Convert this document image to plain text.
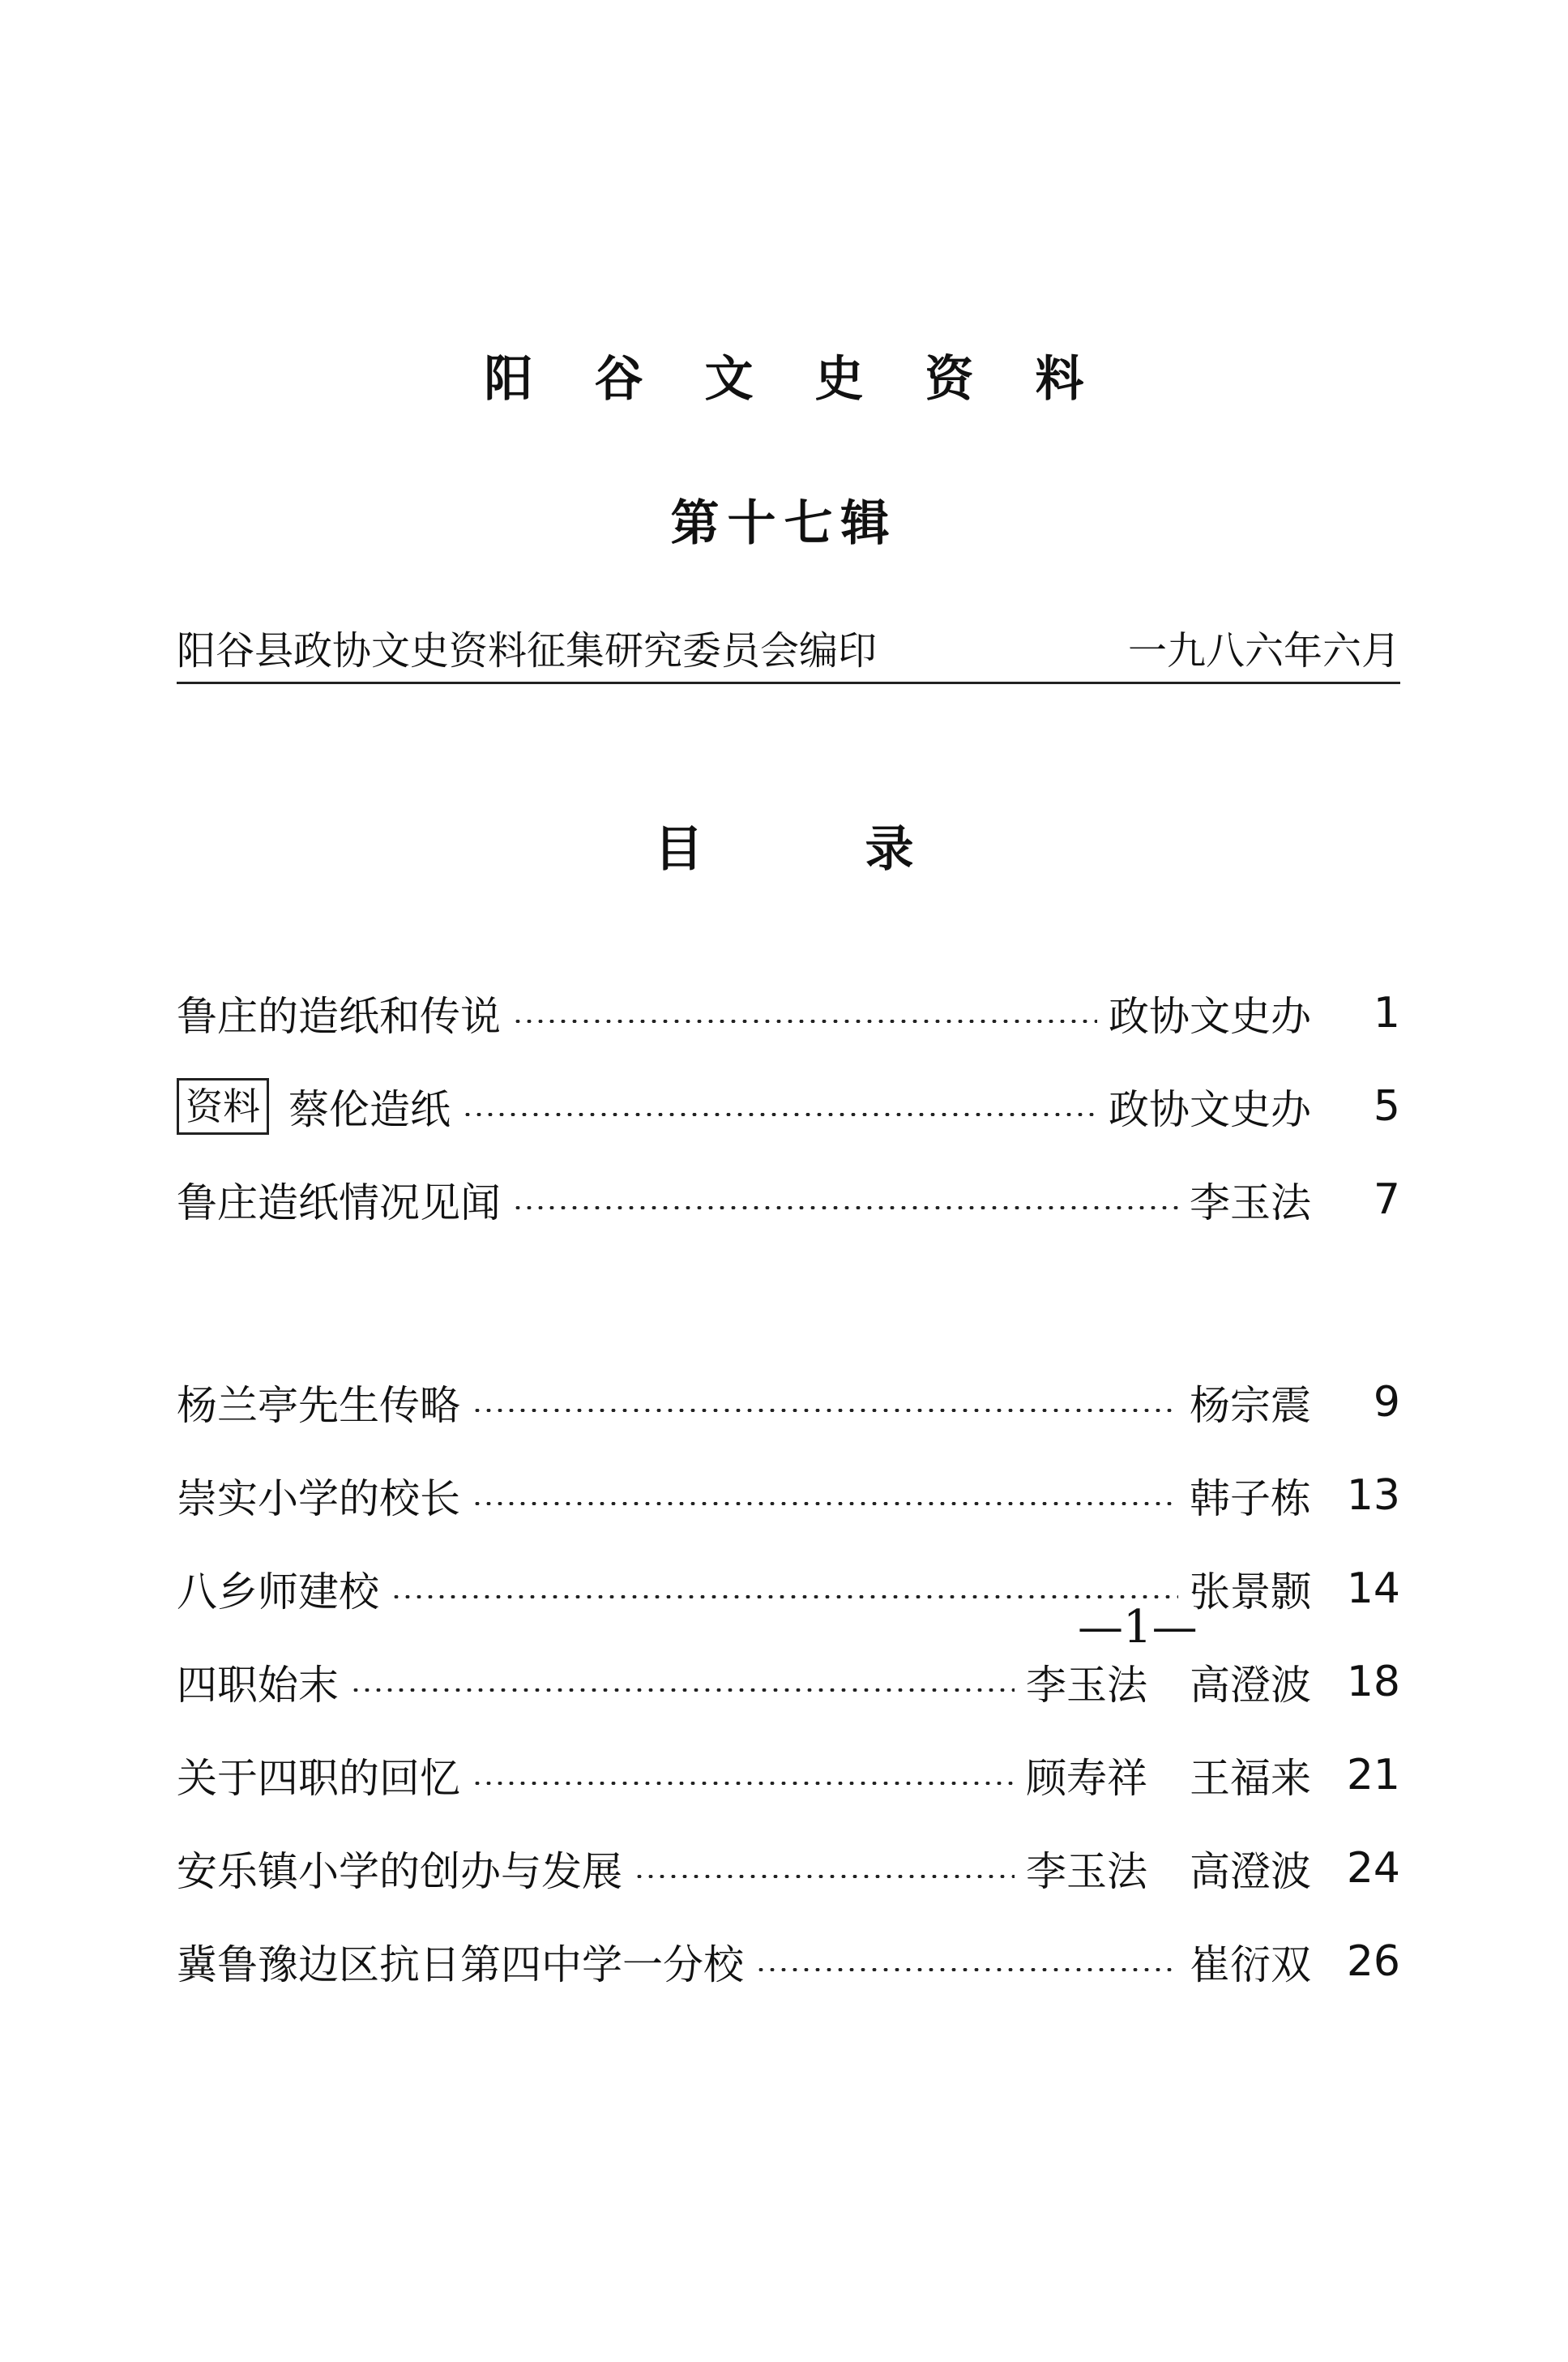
阳 谷 文 史 资 料
第十七辑
阳谷县政协文史资料征集研究委员会编印	一九八六年六月
目	录
鲁庄的造纸和传说	政协文史办	1
资料 蔡伦造纸	政协文史办	5
鲁庄造纸情况见闻	李玉法	7
杨兰亭先生传略	杨宗震	9
崇实小学的校长	韩子栋 13
八乡师建校	张景颢 14
四职始末	李玉法 高澄波 18
关于四职的回忆	顾寿祥 王福来 21
安乐镇小学的创办与发展	李玉法 高澄波 24
冀鲁豫边区抗日第四中学一分校	崔衍双 26
—1—
